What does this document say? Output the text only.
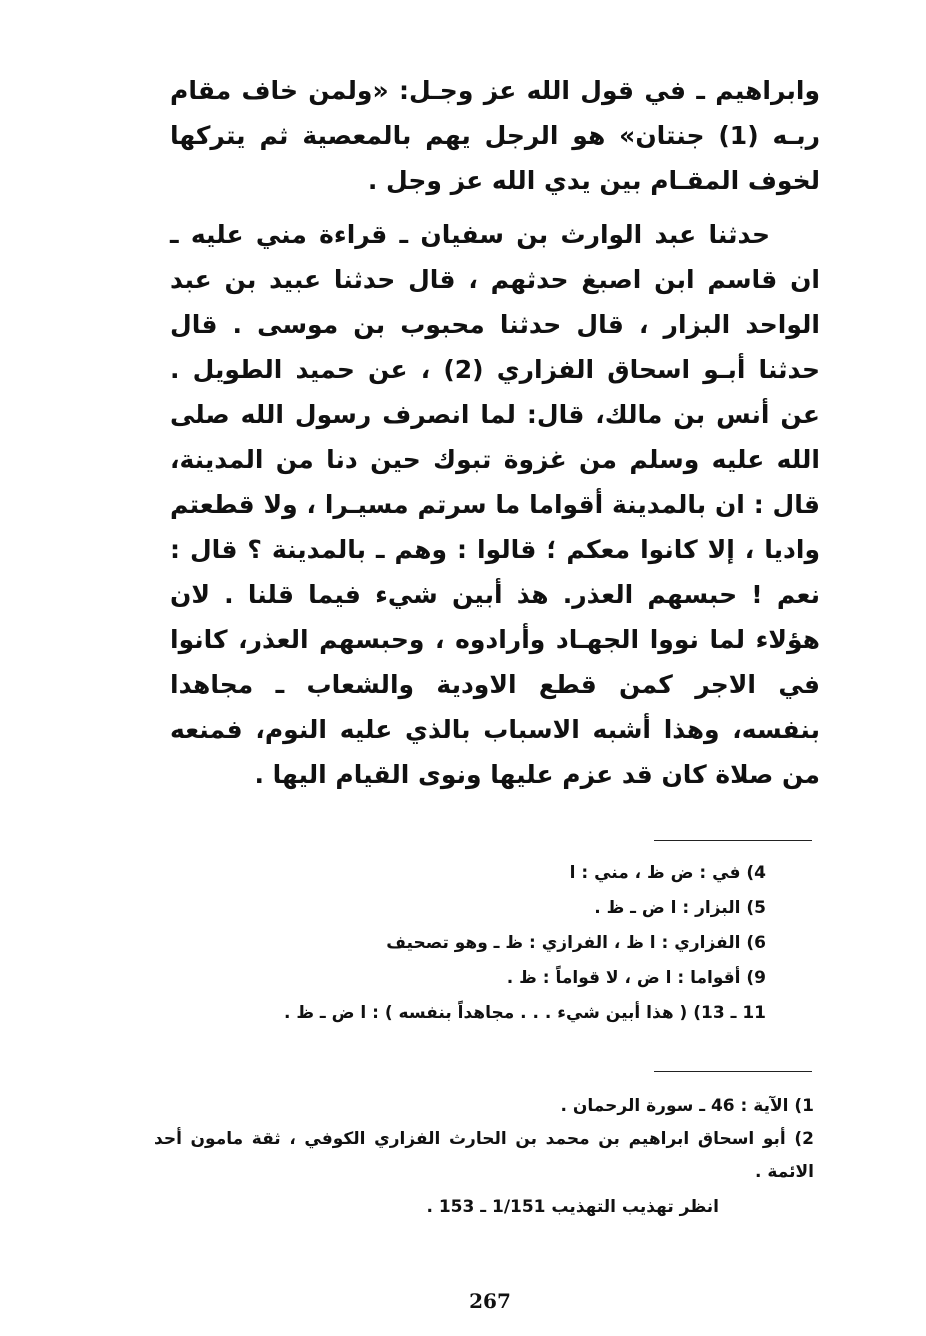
وابراهيم ـ في قول الله عز وجـل: «ولمن خاف مقام ربـه (1) جنتان» هو الرجل يهم بالمعصية ثم يتركها لخوف المقـام بين يدي الله عز وجل .

حدثنا عبد الوارث بن سفيان ـ قراءة مني عليه ـ ان قاسم ابن اصبغ حدثهم ، قال حدثنا عبيد بن عبد الواحد البزار ، قال حدثنا محبوب بن موسى . قال حدثنا أبـو اسحاق الفزاري (2) ، عن حميد الطويل . عن أنس بن مالك، قال: لما انصرف رسول الله صلى الله عليه وسلم من غزوة تبوك حين دنا من المدينة، قال : ان بالمدينة أقواما ما سرتم مسيـرا ، ولا قطعتم واديا ، إلا كانوا معكم ؛ قالوا : وهم ـ بالمدينة ؟ قال : نعم ! حبسهم العذر. هذ أبين شيء فيما قلنا . لان هؤلاء لما نووا الجهـاد وأرادوه ، وحبسهم العذر، كانوا في الاجر كمن قطع الاودية والشعاب ـ مجاهدا بنفسه، وهذا أشبه الاسباب بالذي عليه النوم، فمنعه من صلاة كان قد عزم عليها ونوى القيام اليها .

4) في : ض ظ ، مني : ا
5) البزار : ا ض ـ ظ .
6) الفزاري : ا ظ ، الفرازي : ظ ـ وهو تصحيف
9) أقواما : ا ض ، لا قواماً : ظ .
11 ـ 13) ( هذا أبين شيء . . . مجاهداً بنفسه ) : ا ض ـ ظ .
1) الآية : 46 ـ سورة الرحمان .
2) أبو اسحاق ابراهيم بن محمد بن الحارث الفزاري الكوفي ، ثقة مامون أحد الائمة .
انظر تهذيب التهذيب 1/151 ـ 153 .
267
